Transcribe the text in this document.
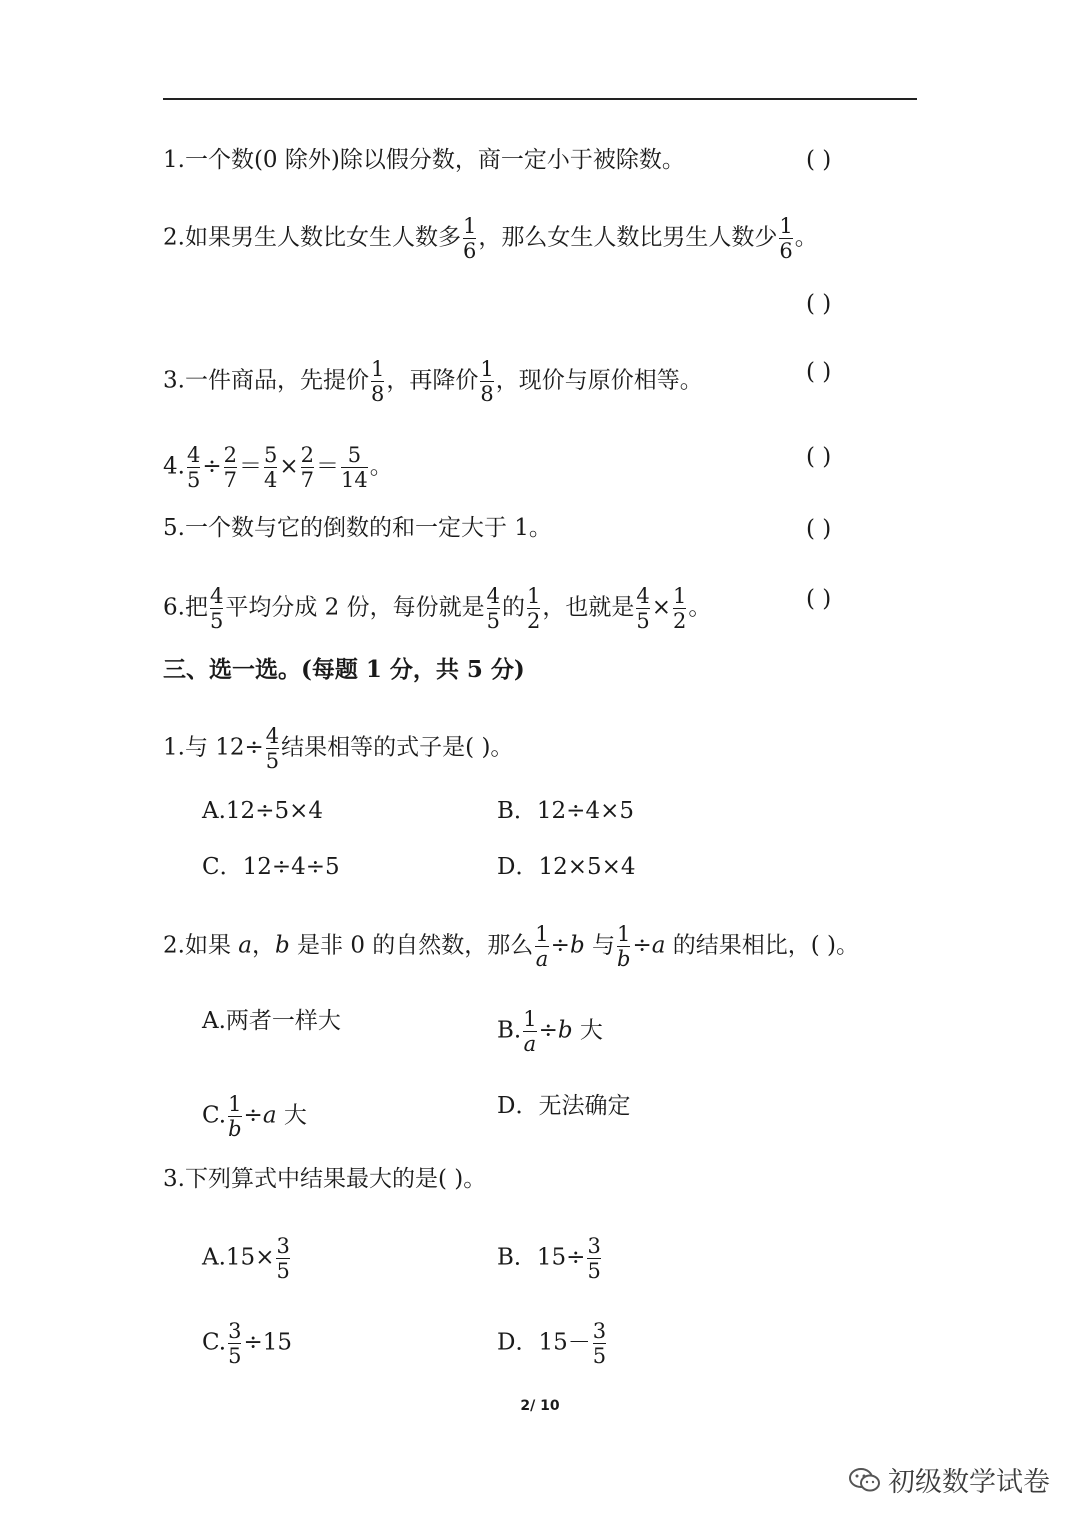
1.一个数(0 除外)除以假分数，商一定小于被除数。	( )
2.如果男生人数比女生人数多 $\frac{1}{6}$ ，那么女生人数比男生人数少 $\frac{1}{6}$ 。
( )
3.一件商品，先提价 $\frac{1}{8}$ ，再降价 $\frac{1}{8}$ ，现价与原价相等。	( )
4. $\frac{4}{5} \div \frac{2}{7} = \frac{5}{4} \times \frac{2}{7} = \frac{5}{14}$ 。	( )
5.一个数与它的倒数的和一定大于 1。	( )
6.把 $\frac{4}{5}$ 平均分成 2 份，每份就是 $\frac{4}{5}$ 的 $\frac{1}{2}$ ，也就是 $\frac{4}{5} \times \frac{1}{2}$ 。	( )
三、选一选。(每题 1 分，共 5 分)
1.与 $12\div \frac{4}{5}$ 结果相等的式子是( )。
A.12÷5×4	B．12÷4×5
C．12÷4÷5	D．12×5×4
2.如果 a，b 是非 0 的自然数，那么 $\frac{1}{a} \div b$ 与 $\frac{1}{b} \div a$ 的结果相比，( )。
A.两者一样大	B. $\frac{1}{a} \div b$ 大
C. $\frac{1}{b} \div a$ 大	D．无法确定
3.下列算式中结果最大的是( )。
$A.15\times \frac{3}{5}$	B．$15\div \frac{3}{5}$
C. $\frac{3}{5} \div 15$	D．$15- \frac{3}{5}$
2/ 10
初级数学试卷
